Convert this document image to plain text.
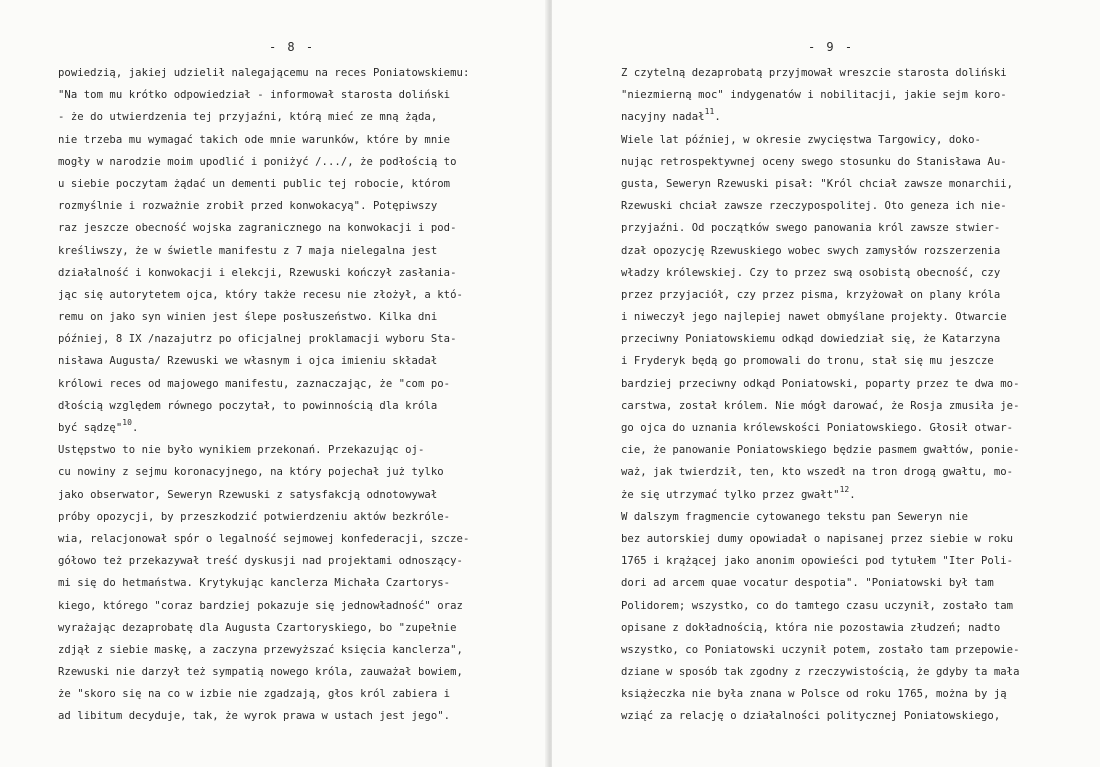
- 8 -
powiedzią, jakiej udzielił nalegającemu na reces Poniatowskiemu:
"Na tom mu krótko odpowiedział - informował starosta doliński
- że do utwierdzenia tej przyjaźni, którą mieć ze mną żąda,
nie trzeba mu wymagać takich ode mnie warunków, które by mnie
mogły w narodzie moim upodlić i poniżyć /.../, że podłością to
u siebie poczytam żądać un dementi public tej robocie, którom
rozmyślnie i rozważnie zrobił przed konwokacyą". Potępiwszy
raz jeszcze obecność wojska zagranicznego na konwokacji i pod-
kreśliwszy, że w świetle manifestu z 7 maja nielegalna jest
działalność i konwokacji i elekcji, Rzewuski kończył zasłania-
jąc się autorytetem ojca, który także recesu nie złożył, a któ-
remu on jako syn winien jest ślepe posłuszeństwo. Kilka dni
później, 8 IX /nazajutrz po oficjalnej proklamacji wyboru Sta-
nisława Augusta/ Rzewuski we własnym i ojca imieniu składał
królowi reces od majowego manifestu, zaznaczając, że "com po-
dłością względem równego poczytał, to powinnością dla króla
być sądzę"$^{10}$.
Ustępstwo to nie było wynikiem przekonań. Przekazując oj-
cu nowiny z sejmu koronacyjnego, na który pojechał już tylko
jako obserwator, Seweryn Rzewuski z satysfakcją odnotowywał
próby opozycji, by przeszkodzić potwierdzeniu aktów bezkróle-
wia, relacjonował spór o legalność sejmowej konfederacji, szcze-
gółowo też przekazywał treść dyskusji nad projektami odnoszący-
mi się do hetmaństwa. Krytykując kanclerza Michała Czartorys-
kiego, którego "coraz bardziej pokazuje się jednowładność" oraz
wyrażając dezaprobatę dla Augusta Czartoryskiego, bo "zupełnie
zdjął z siebie maskę, a zaczyna przewyższać księcia kanclerza",
Rzewuski nie darzył też sympatią nowego króla, zauważał bowiem,
że "skoro się na co w izbie nie zgadzają, głos król zabiera i
ad libitum decyduje, tak, że wyrok prawa w ustach jest jego".
- 9 -
Z czytelną dezaprobatą przyjmował wreszcie starosta doliński
"niezmierną moc" indygenatów i nobilitacji, jakie sejm koro-
nacyjny nadał$^{11}$.
Wiele lat później, w okresie zwycięstwa Targowicy, doko-
nując retrospektywnej oceny swego stosunku do Stanisława Au-
gusta, Seweryn Rzewuski pisał: "Król chciał zawsze monarchii,
Rzewuski chciał zawsze rzeczypospolitej. Oto geneza ich nie-
przyjaźni. Od początków swego panowania król zawsze stwier-
dzał opozycję Rzewuskiego wobec swych zamysłów rozszerzenia
władzy królewskiej. Czy to przez swą osobistą obecność, czy
przez przyjaciół, czy przez pisma, krzyżował on plany króla
i niweczył jego najlepiej nawet obmyślane projekty. Otwarcie
przeciwny Poniatowskiemu odkąd dowiedział się, że Katarzyna
i Fryderyk będą go promowali do tronu, stał się mu jeszcze
bardziej przeciwny odkąd Poniatowski, poparty przez te dwa mo-
carstwa, został królem. Nie mógł darować, że Rosja zmusiła je-
go ojca do uznania królewskości Poniatowskiego. Głosił otwar-
cie, że panowanie Poniatowskiego będzie pasmem gwałtów, ponie-
waż, jak twierdził, ten, kto wszedł na tron drogą gwałtu, mo-
że się utrzymać tylko przez gwałt"$^{12}$.
W dalszym fragmencie cytowanego tekstu pan Seweryn nie
bez autorskiej dumy opowiadał o napisanej przez siebie w roku
1765 i krążącej jako anonim opowieści pod tytułem "Iter Poli-
dori ad arcem quae vocatur despotia". "Poniatowski był tam
Polidorem; wszystko, co do tamtego czasu uczynił, zostało tam
opisane z dokładnością, która nie pozostawia złudzeń; nadto
wszystko, co Poniatowski uczynił potem, zostało tam przepowie-
dziane w sposób tak zgodny z rzeczywistością, że gdyby ta mała
książeczka nie była znana w Polsce od roku 1765, można by ją
wziąć za relację o działalności politycznej Poniatowskiego,
